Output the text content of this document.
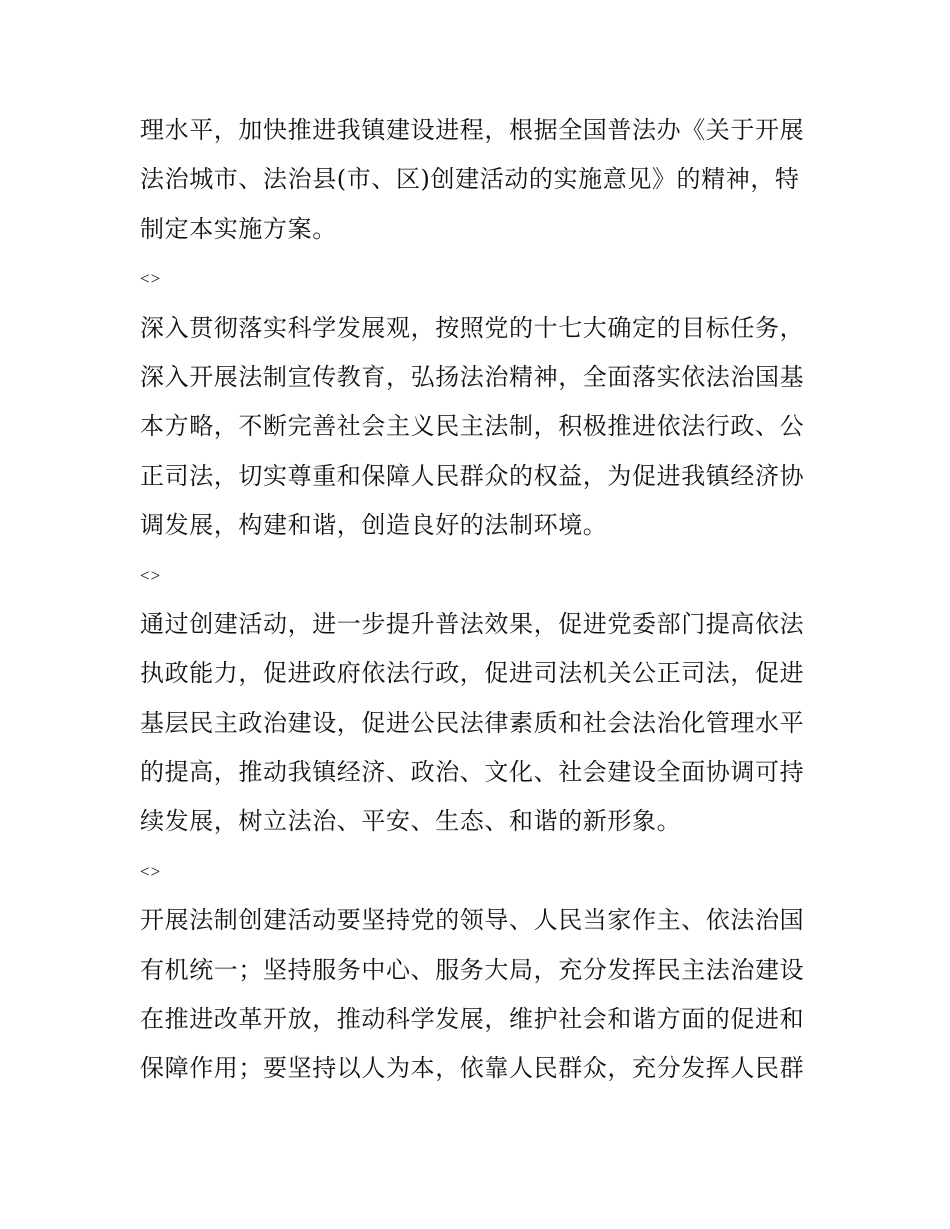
理水平，加快推进我镇建设进程，根据全国普法办《关于开展
法治城市、法治县(市、区)创建活动的实施意见》的精神，特
制定本实施方案。
<>
深入贯彻落实科学发展观，按照党的十七大确定的目标任务，
深入开展法制宣传教育，弘扬法治精神，全面落实依法治国基
本方略，不断完善社会主义民主法制，积极推进依法行政、公
正司法，切实尊重和保障人民群众的权益，为促进我镇经济协
调发展，构建和谐，创造良好的法制环境。
<>
通过创建活动，进一步提升普法效果，促进党委部门提高依法
执政能力，促进政府依法行政，促进司法机关公正司法，促进
基层民主政治建设，促进公民法律素质和社会法治化管理水平
的提高，推动我镇经济、政治、文化、社会建设全面协调可持
续发展，树立法治、平安、生态、和谐的新形象。
<>
开展法制创建活动要坚持党的领导、人民当家作主、依法治国
有机统一；坚持服务中心、服务大局，充分发挥民主法治建设
在推进改革开放，推动科学发展，维护社会和谐方面的促进和
保障作用；要坚持以人为本，依靠人民群众，充分发挥人民群
